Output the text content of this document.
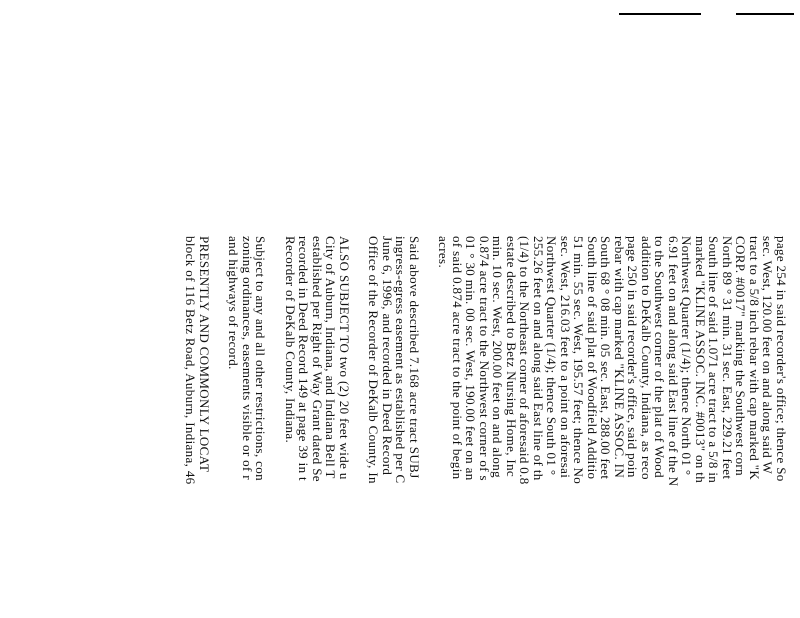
page 254 in said recorder's office; thence So
sec. West, 120.00 feet on and along said W
tract to a 5/8 inch rebar with cap marked "K
CORP. #0017" marking the Southwest corn
North 89 ° 31 min. 31 sec. East, 229.21 feet
South line of said 1.071 acre tract to a 5/8 in
marked "KLINE ASSOC. INC. #0013" on th
Northwest Quarter (1/4); thence North 01 °
6.91 feet on and along said East line of the N
to the Southwest corner of the plat of Wood
addition to DeKalb County, Indiana, as reco
page 250 in said recorder's office, said poin
rebar with cap marked "KLINE ASSOC. IN
South 68 ° 08 min. 05 sec. East, 288.00 feet
South line of said plat of Woodfield Additio
51 min. 55 sec. West, 195.57 feet; thence No
sec. West, 216.03 feet to a point on aforesai
Northwest Quarter (1/4); thence South 01 °
255.26 feet on and along said East line of th
(1/4) to the Northeast corner of aforesaid 0.8
estate described to Betz Nursing Home, Inc
min. 10 sec. West, 200.00 feet on and along
0.874 acre tract to the Northwest corner of s
01 ° 30 min. 00 sec. West, 190.00 feet on an
of said 0.874 acre tract to the point of begin
acres.
Said above described 7.168 acre tract SUBJ
ingress-egress easement as established per C
June 6, 1996, and recorded in Deed Record
Office of the Recorder of DeKalb County, In
ALSO SUBJECT TO two (2) 20 feet wide u
City of Auburn, Indiana, and Indiana Bell T
established per Right of Way Grant dated Se
recorded in Deed Record 149 at page 39 in t
Recorder of DeKalb County, Indiana.
Subject to any and all other restrictions, con
zoning ordinances, easements visible or of r
and highways of record.
PRESENTLY AND COMMONLY LOCAT
block of 116 Betz Road, Auburn, Indiana, 46
